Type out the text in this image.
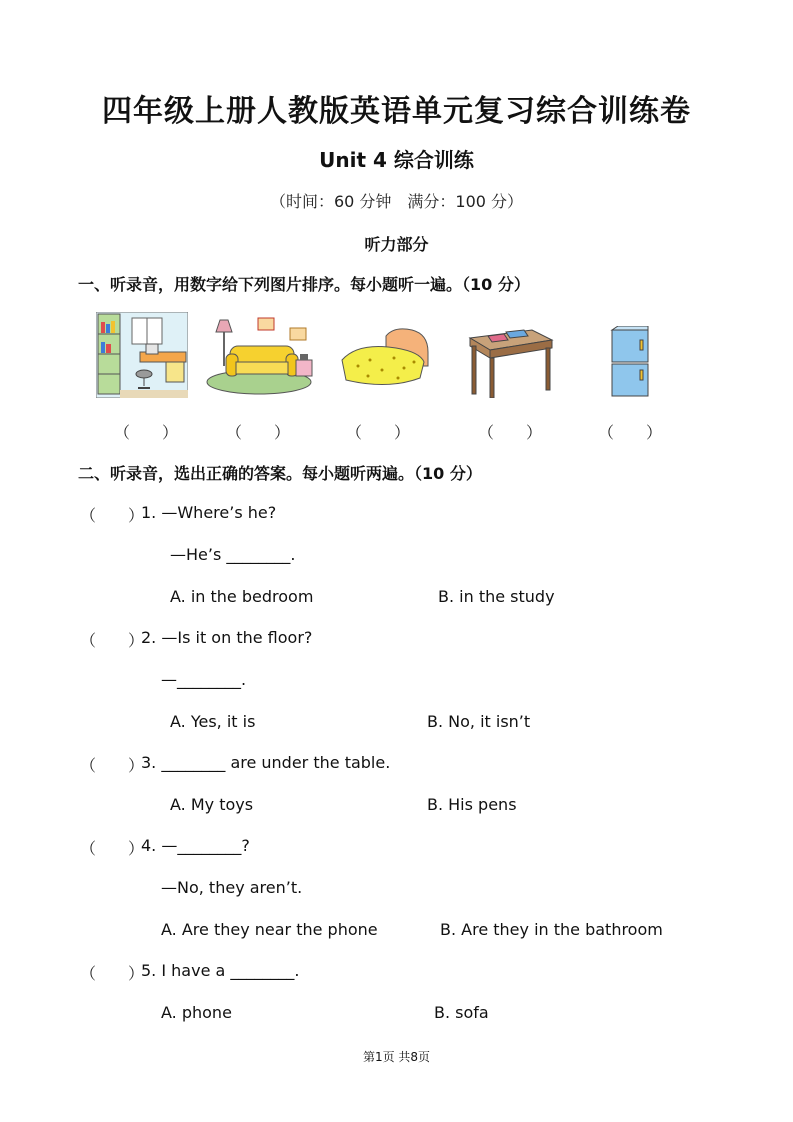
四年级上册人教版英语单元复习综合训练卷
Unit 4 综合训练
（时间：60 分钟　满分：100 分）
听力部分
一、听录音，用数字给下列图片排序。每小题听一遍。（10 分）
（　　）	（　　）	（　　）	（　　）	（　　）
二、听录音，选出正确的答案。每小题听两遍。（10 分）
（　　）
1. —Where’s he?
—He’s ________.
A. in the bedroom	B. in the study
（　　）
2. —Is it on the floor?
—________.
A. Yes, it is	B. No, it isn’t
（　　）
3. ________ are under the table.
A. My toys	B. His pens
（　　）
4. —________?
—No, they aren’t.
A. Are they near the phone	B. Are they in the bathroom
（　　）
5. I have a ________.
A. phone	B. sofa
第1页 共8页
